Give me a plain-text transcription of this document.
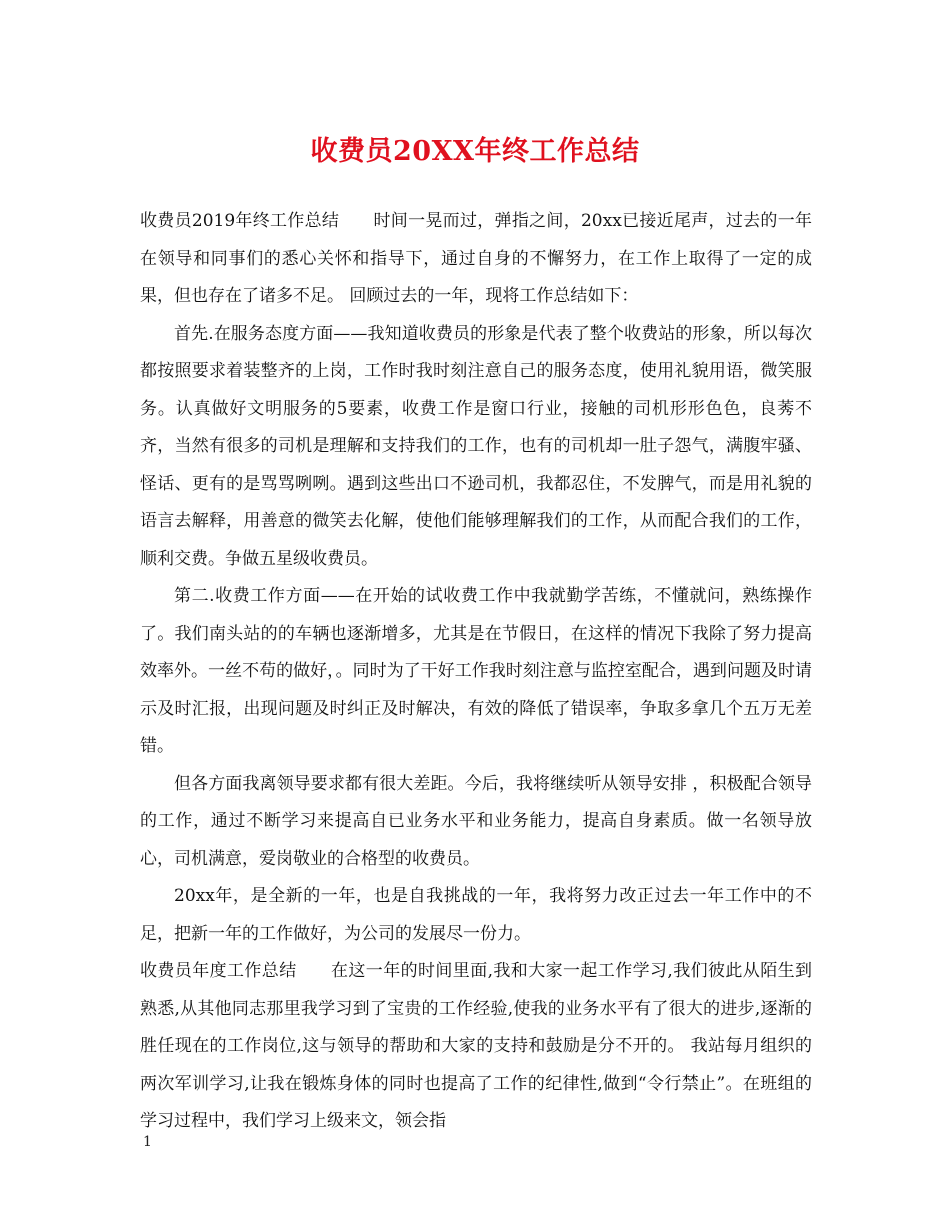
收费员20XX年终工作总结

收费员2019年终工作总结 时间一晃而过，弹指之间，20xx已接近尾声，过去的一年在领导和同事们的悉心关怀和指导下，通过自身的不懈努力，在工作上取得了一定的成果，但也存在了诸多不足。 回顾过去的一年，现将工作总结如下：

首先.在服务态度方面——我知道收费员的形象是代表了整个收费站的形象，所以每次都按照要求着装整齐的上岗，工作时我时刻注意自己的服务态度，使用礼貌用语，微笑服务。认真做好文明服务的5要素，收费工作是窗口行业，接触的司机形形色色，良莠不齐，当然有很多的司机是理解和支持我们的工作，也有的司机却一肚子怨气，满腹牢骚、怪话、更有的是骂骂咧咧。遇到这些出口不逊司机，我都忍住，不发脾气，而是用礼貌的语言去解释，用善意的微笑去化解，使他们能够理解我们的工作，从而配合我们的工作，顺利交费。争做五星级收费员。

第二.收费工作方面——在开始的试收费工作中我就勤学苦练，不懂就问，熟练操作了。我们南头站的的车辆也逐渐增多，尤其是在节假日，在这样的情况下我除了努力提高效率外。一丝不苟的做好，。同时为了干好工作我时刻注意与监控室配合，遇到问题及时请示及时汇报，出现问题及时纠正及时解决，有效的降低了错误率，争取多拿几个五万无差错。

但各方面我离领导要求都有很大差距。今后，我将继续听从领导安排 ，积极配合领导的工作，通过不断学习来提高自已业务水平和业务能力，提高自身素质。做一名领导放心，司机满意，爱岗敬业的合格型的收费员。

20xx年，是全新的一年，也是自我挑战的一年，我将努力改正过去一年工作中的不足，把新一年的工作做好，为公司的发展尽一份力。

收费员年度工作总结 在这一年的时间里面,我和大家一起工作学习,我们彼此从陌生到熟悉,从其他同志那里我学习到了宝贵的工作经验,使我的业务水平有了很大的进步,逐渐的胜任现在的工作岗位,这与领导的帮助和大家的支持和鼓励是分不开的。 我站每月组织的两次军训学习,让我在锻炼身体的同时也提高了工作的纪律性,做到“令行禁止”。在班组的学习过程中，我们学习上级来文，领会指

1
